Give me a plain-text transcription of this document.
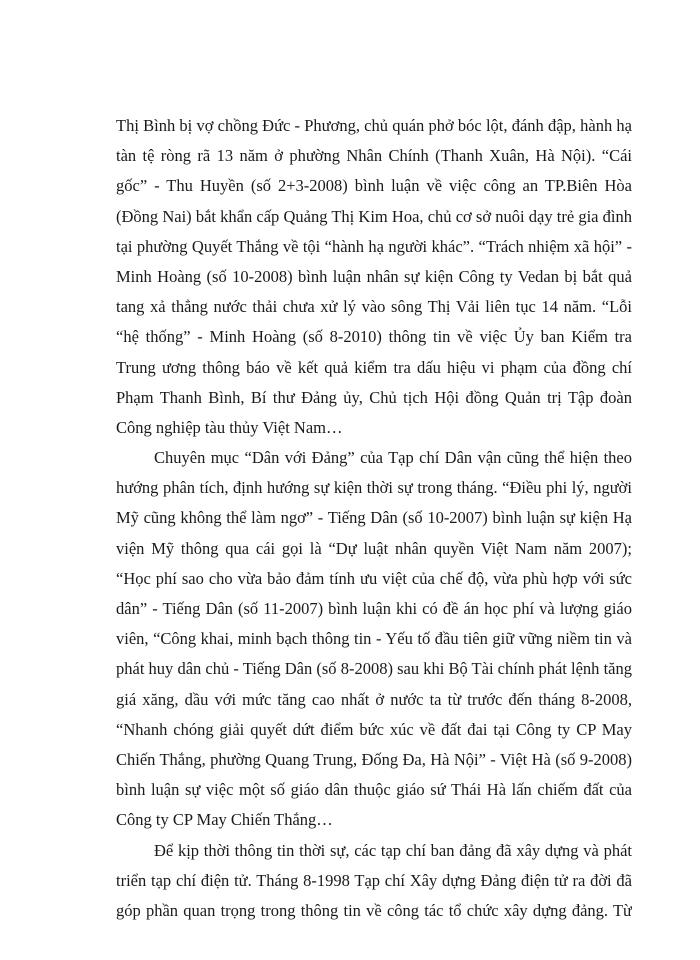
Thị Bình bị vợ chồng Đức - Phương, chủ quán phở bóc lột, đánh đập, hành hạ
tàn tệ ròng rã 13 năm ở phường Nhân Chính (Thanh Xuân, Hà Nội). “Cái
gốc” - Thu Huyền (số 2+3-2008) bình luận về việc công an TP.Biên Hòa
(Đồng Nai) bắt khẩn cấp Quảng Thị Kim Hoa, chủ cơ sở nuôi dạy trẻ gia đình
tại phường Quyết Thắng về tội “hành hạ người khác”. “Trách nhiệm xã hội” -
Minh Hoàng (số 10-2008) bình luận nhân sự kiện Công ty Vedan bị bắt quả
tang xả thẳng nước thải chưa xử lý vào sông Thị Vải liên tục 14 năm. “Lỗi
“hệ thống” - Minh Hoàng (số 8-2010) thông tin về việc Ủy ban Kiểm tra
Trung ương thông báo về kết quả kiểm tra dấu hiệu vi phạm của đồng chí
Phạm Thanh Bình, Bí thư Đảng ủy, Chủ tịch Hội đồng Quản trị Tập đoàn
Công nghiệp tàu thủy Việt Nam…
Chuyên mục “Dân với Đảng” của Tạp chí Dân vận cũng thể hiện theo
hướng phân tích, định hướng sự kiện thời sự trong tháng. “Điều phi lý, người
Mỹ cũng không thể làm ngơ” - Tiếng Dân (số 10-2007) bình luận sự kiện Hạ
viện Mỹ thông qua cái gọi là “Dự luật nhân quyền Việt Nam năm 2007);
“Học phí sao cho vừa bảo đảm tính ưu việt của chế độ, vừa phù hợp với sức
dân” - Tiếng Dân (số 11-2007) bình luận khi có đề án học phí và lượng giáo
viên, “Công khai, minh bạch thông tin - Yếu tố đầu tiên giữ vững niềm tin và
phát huy dân chủ - Tiếng Dân (số 8-2008) sau khi Bộ Tài chính phát lệnh tăng
giá xăng, dầu với mức tăng cao nhất ở nước ta từ trước đến tháng 8-2008,
“Nhanh chóng giải quyết dứt điểm bức xúc về đất đai tại Công ty CP May
Chiến Thắng, phường Quang Trung, Đống Đa, Hà Nội” - Việt Hà (số 9-2008)
bình luận sự việc một số giáo dân thuộc giáo sứ Thái Hà lấn chiếm đất của
Công ty CP May Chiến Thắng…
Để kịp thời thông tin thời sự, các tạp chí ban đảng đã xây dựng và phát
triển tạp chí điện tử. Tháng 8-1998 Tạp chí Xây dựng Đảng điện tử ra đời đã
góp phần quan trọng trong thông tin về công tác tổ chức xây dựng đảng. Từ
